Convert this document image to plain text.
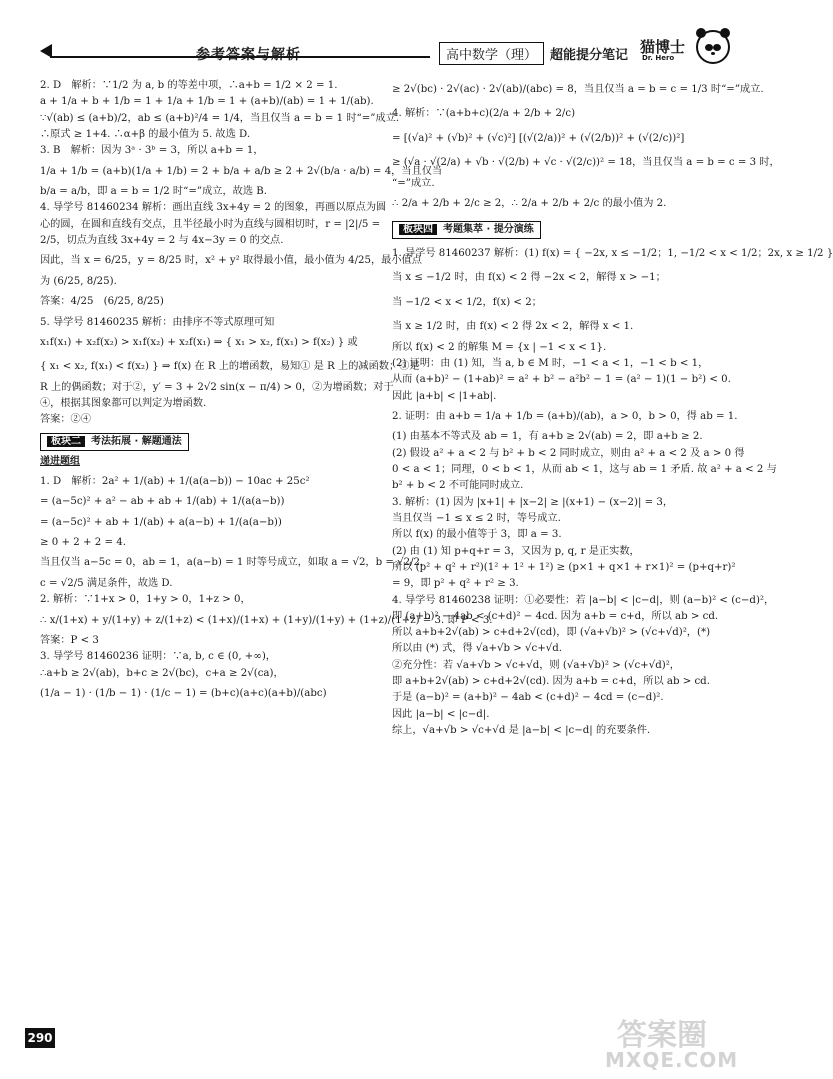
参考答案与解析	高中数学（理） 超能提分笔记 猫博士
Dr. Hero
2. D　解析：∵1/2 为 a, b 的等差中项，∴a+b = 1/2 × 2 = 1.
a + 1/a + b + 1/b = 1 + 1/a + 1/b = 1 + (a+b)/(ab) = 1 + 1/(ab).
∵√(ab) ≤ (a+b)/2，ab ≤ (a+b)²/4 = 1/4，当且仅当 a = b = 1 时“=”成立.
∴原式 ≥ 1+4. ∴α+β 的最小值为 5. 故选 D.
3. B　解析：因为 3ᵃ · 3ᵇ = 3，所以 a+b = 1，
1/a + 1/b = (a+b)(1/a + 1/b) = 2 + b/a + a/b ≥ 2 + 2√(b/a · a/b) = 4，当且仅当
b/a = a/b，即 a = b = 1/2 时“=”成立，故选 B.
4. 导学号 81460234 解析：画出直线 3x+4y = 2 的图象，再画以原点为圆
心的圆，在圆和直线有交点，且半径最小时为直线与圆相切时，r = |2|/5 =
2/5，切点为直线 3x+4y = 2 与 4x−3y = 0 的交点.
因此，当 x = 6/25，y = 8/25 时，x² + y² 取得最小值，最小值为 4/25，最小值点
为 (6/25, 8/25).
答案：4/25　(6/25, 8/25)
5. 导学号 81460235 解析：由排序不等式原理可知
x₁f(x₁) + x₂f(x₂) > x₁f(x₂) + x₂f(x₁) ⇒ { x₁ > x₂, f(x₁) > f(x₂) } 或
{ x₁ < x₂, f(x₁) < f(x₂) } ⇒ f(x) 在 R 上的增函数，易知① 是 R 上的减函数；③是
R 上的偶函数；对于②，y′ = 3 + 2√2 sin(x − π/4) > 0，②为增函数；对于
④，根据其图象都可以判定为增函数.
答案：②④
板块二 考法拓展 · 解题通法
递进题组
1. D　解析：2a² + 1/(ab) + 1/(a(a−b)) − 10ac + 25c²
= (a−5c)² + a² − ab + ab + 1/(ab) + 1/(a(a−b))
= (a−5c)² + ab + 1/(ab) + a(a−b) + 1/(a(a−b))
≥ 0 + 2 + 2 = 4.
当且仅当 a−5c = 0，ab = 1，a(a−b) = 1 时等号成立，如取 a = √2，b = √2/2，
c = √2/5 满足条件，故选 D.
2. 解析：∵1+x > 0，1+y > 0，1+z > 0，
∴ x/(1+x) + y/(1+y) + z/(1+z) < (1+x)/(1+x) + (1+y)/(1+y) + (1+z)/(1+z) = 3. 即 P < 3.
答案：P < 3
3. 导学号 81460236 证明：∵a, b, c ∈ (0, +∞)，
∴a+b ≥ 2√(ab)，b+c ≥ 2√(bc)，c+a ≥ 2√(ca)，
(1/a − 1) · (1/b − 1) · (1/c − 1) = (b+c)(a+c)(a+b)/(abc)
≥ 2√(bc) · 2√(ac) · 2√(ab)/(abc) = 8，当且仅当 a = b = c = 1/3 时“=”成立.
4. 解析：∵(a+b+c)(2/a + 2/b + 2/c)
= [(√a)² + (√b)² + (√c)²] [(√(2/a))² + (√(2/b))² + (√(2/c))²]
≥ (√a · √(2/a) + √b · √(2/b) + √c · √(2/c))² = 18，当且仅当 a = b = c = 3 时，
“=”成立.
∴ 2/a + 2/b + 2/c ≥ 2，∴ 2/a + 2/b + 2/c 的最小值为 2.
板块四 考题集萃 · 提分演练
1. 导学号 81460237 解析：(1) f(x) = { −2x, x ≤ −1/2；1, −1/2 < x < 1/2；2x, x ≥ 1/2 }
当 x ≤ −1/2 时，由 f(x) < 2 得 −2x < 2，解得 x > −1；
当 −1/2 < x < 1/2，f(x) < 2；
当 x ≥ 1/2 时，由 f(x) < 2 得 2x < 2，解得 x < 1.
所以 f(x) < 2 的解集 M = {x | −1 < x < 1}.
(2) 证明：由 (1) 知，当 a, b ∈ M 时，−1 < a < 1，−1 < b < 1，
从而 (a+b)² − (1+ab)² = a² + b² − a²b² − 1 = (a² − 1)(1 − b²) < 0.
因此 |a+b| < |1+ab|.
2. 证明：由 a+b = 1/a + 1/b = (a+b)/(ab)，a > 0，b > 0，得 ab = 1.
(1) 由基本不等式及 ab = 1，有 a+b ≥ 2√(ab) = 2，即 a+b ≥ 2.
(2) 假设 a² + a < 2 与 b² + b < 2 同时成立，则由 a² + a < 2 及 a > 0 得
0 < a < 1；同理，0 < b < 1，从而 ab < 1，这与 ab = 1 矛盾. 故 a² + a < 2 与
b² + b < 2 不可能同时成立.
3. 解析：(1) 因为 |x+1| + |x−2| ≥ |(x+1) − (x−2)| = 3，
当且仅当 −1 ≤ x ≤ 2 时，等号成立.
所以 f(x) 的最小值等于 3，即 a = 3.
(2) 由 (1) 知 p+q+r = 3，又因为 p, q, r 是正实数，
所以 (p² + q² + r²)(1² + 1² + 1²) ≥ (p×1 + q×1 + r×1)² = (p+q+r)²
= 9，即 p² + q² + r² ≥ 3.
4. 导学号 81460238 证明：①必要性：若 |a−b| < |c−d|，则 (a−b)² < (c−d)²，
即 (a+b)² − 4ab < (c+d)² − 4cd. 因为 a+b = c+d，所以 ab > cd.
所以 a+b+2√(ab) > c+d+2√(cd)，即 (√a+√b)² > (√c+√d)²，(*)
所以由 (*) 式，得 √a+√b > √c+√d.
②充分性：若 √a+√b > √c+√d，则 (√a+√b)² > (√c+√d)²，
即 a+b+2√(ab) > c+d+2√(cd). 因为 a+b = c+d，所以 ab > cd.
于是 (a−b)² = (a+b)² − 4ab < (c+d)² − 4cd = (c−d)².
因此 |a−b| < |c−d|.
综上，√a+√b > √c+√d 是 |a−b| < |c−d| 的充要条件.
290	答案圈
MXQE.COM
